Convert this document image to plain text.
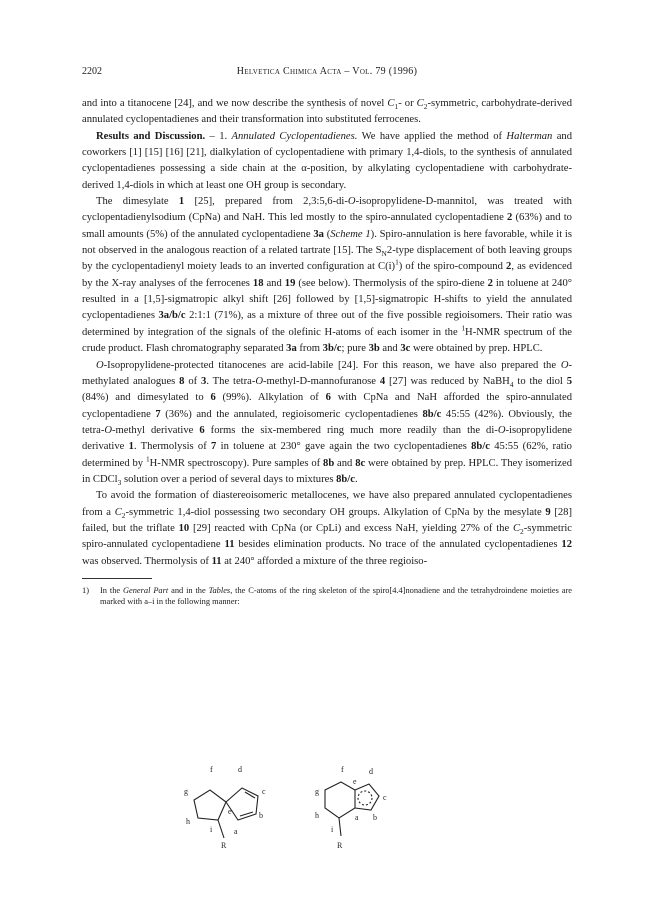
2202	Helvetica Chimica Acta – Vol. 79 (1996)

and into a titanocene [24], and we now describe the synthesis of novel $C_1-$ or $C_2$-symmetric, carbohydrate-derived annulated cyclopentadienes and their transformation into substituted ferrocenes.

Results and Discussion. – 1. Annulated Cyclopentadienes. We have applied the method of Halterman and coworkers [1] [15] [16] [21], dialkylation of cyclopentadiene with primary 1,4-diols, to the synthesis of annulated cyclopentadienes possessing a side chain at the α-position, by alkylating cyclopentadiene with carbohydrate-derived 1,4-diols in which at least one OH group is secondary.

The dimesylate 1 [25], prepared from 2,3:5,6-di-O-isopropylidene-D-mannitol, was treated with cyclopentadienylsodium (CpNa) and NaH. This led mostly to the spiro-annulated cyclopentadiene 2 (63%) and to small amounts (5%) of the annulated cyclopentadiene 3a (Scheme 1). Spiro-annulation is here favorable, while it is not observed in the analogous reaction of a related tartrate [15]. The $S_N2$-type displacement of both leaving groups by the cyclopentadienyl moiety leads to an inverted configuration at $C(i)^1$) of the spiro-compound 2, as evidenced by the X-ray analyses of the ferrocenes 18 and 19 (see below). Thermolysis of the spiro-diene 2 in toluene at 240° resulted in a [1,5]-sigmatropic alkyl shift [26] followed by [1,5]-sigmatropic H-shifts to yield the annulated cyclopentadienes 3a/b/c 2:1:1 (71%), as a mixture of three out of the five possible regioisomers. Their ratio was determined by integration of the signals of the olefinic H-atoms of each isomer in the $^1$H-NMR spectrum of the crude product. Flash chromatography separated 3a from 3b/c; pure 3b and 3c were obtained by prep. HPLC.

O-Isopropylidene-protected titanocenes are acid-labile [24]. For this reason, we have also prepared the O-methylated analogues 8 of 3. The tetra-O-methyl-D-mannofuranose 4 [27] was reduced by NaBH$_4$ to the diol 5 (84%) and dimesylated to 6 (99%). Alkylation of 6 with CpNa and NaH afforded the spiro-annulated cyclopentadiene 7 (36%) and the annulated, regioisomeric cyclopentadienes 8b/c 45:55 (42%). Obviously, the tetra-O-methyl derivative 6 forms the six-membered ring much more readily than the di-O-isopropylidene derivative 1. Thermolysis of 7 in toluene at 230° gave again the two cyclopentadienes 8b/c 45:55 (62%, ratio determined by $^1$H-NMR spectroscopy). Pure samples of 8b and 8c were obtained by prep. HPLC. They isomerized in CDCl$_3$ solution over a period of several days to mixtures 8b/c.

To avoid the formation of diastereoisomeric metallocenes, we have also prepared annulated cyclopentadienes from a $C_2$-symmetric 1,4-diol possessing two secondary OH groups. Alkylation of CpNa by the mesylate 9 [28] failed, but the triflate 10 [29] reacted with CpNa (or CpLi) and excess NaH, yielding 27% of the $C_2$-symmetric spiro-annulated cyclopentadiene 11 besides elimination products. No trace of the annulated cyclopentadienes 12 was observed. Thermolysis of 11 at 240° afforded a mixture of the three regioiso-

1)	In the General Part and in the Tables, the C-atoms of the ring skeleton of the spiro[4.4]nonadiene and the tetrahydroindene moieties are marked with a–i in the following manner:
f	d
g	c
e
h
b
i	a
R
f	d
g
e
c
h	a b
i
R
